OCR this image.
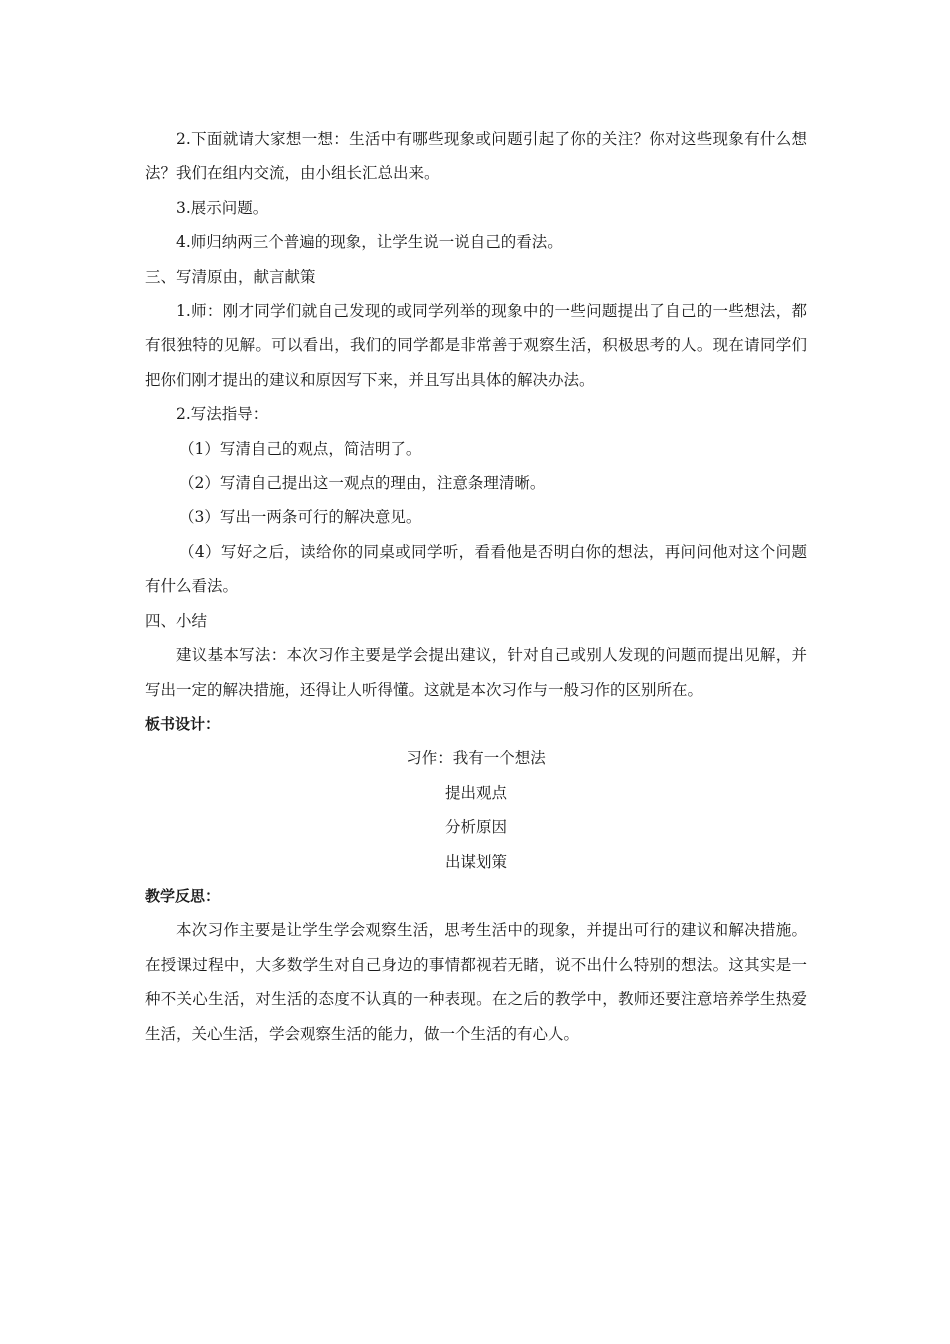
2.下面就请大家想一想：生活中有哪些现象或问题引起了你的关注？你对这些现象有什么想法？我们在组内交流，由小组长汇总出来。

3.展示问题。

4.师归纳两三个普遍的现象，让学生说一说自己的看法。

三、写清原由，献言献策

1.师：刚才同学们就自己发现的或同学列举的现象中的一些问题提出了自己的一些想法，都有很独特的见解。可以看出，我们的同学都是非常善于观察生活，积极思考的人。现在请同学们把你们刚才提出的建议和原因写下来，并且写出具体的解决办法。

2.写法指导：

（1）写清自己的观点，简洁明了。

（2）写清自己提出这一观点的理由，注意条理清晰。

（3）写出一两条可行的解决意见。

（4）写好之后，读给你的同桌或同学听，看看他是否明白你的想法，再问问他对这个问题有什么看法。

四、小结

建议基本写法：本次习作主要是学会提出建议，针对自己或别人发现的问题而提出见解，并写出一定的解决措施，还得让人听得懂。这就是本次习作与一般习作的区别所在。

板书设计：

习作：我有一个想法

提出观点

分析原因

出谋划策

教学反思：

本次习作主要是让学生学会观察生活，思考生活中的现象，并提出可行的建议和解决措施。在授课过程中，大多数学生对自己身边的事情都视若无睹，说不出什么特别的想法。这其实是一种不关心生活，对生活的态度不认真的一种表现。在之后的教学中，教师还要注意培养学生热爱生活，关心生活，学会观察生活的能力，做一个生活的有心人。
